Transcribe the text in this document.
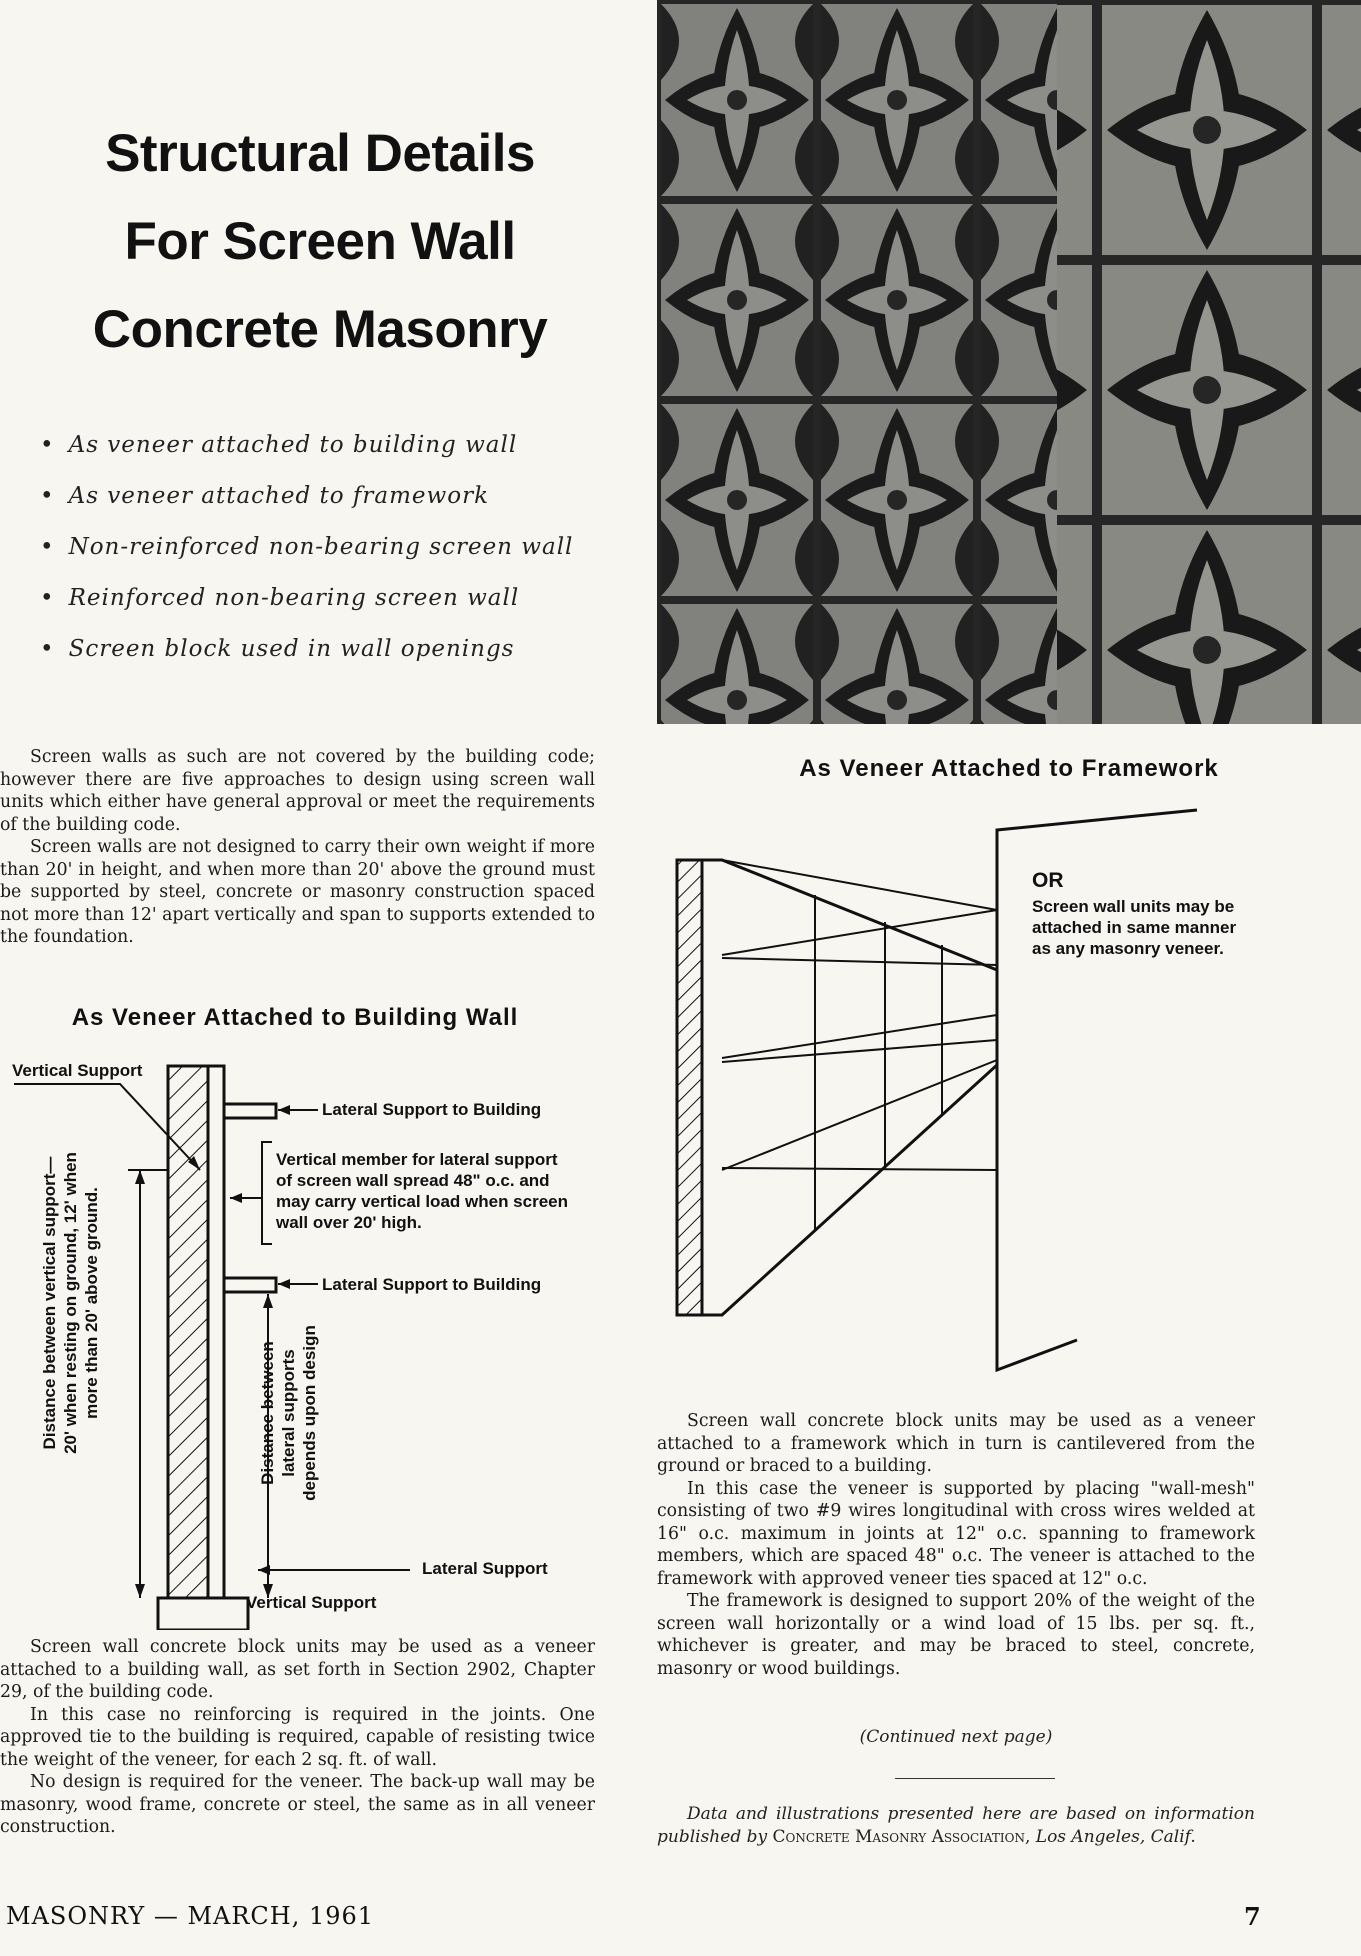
Structural Details
For Screen Wall
Concrete Masonry
• As veneer attached to building wall
• As veneer attached to framework
• Non-reinforced non-bearing screen wall
• Reinforced non-bearing screen wall
• Screen block used in wall openings

Screen walls as such are not covered by the building code; however there are five approaches to design using screen wall units which either have general approval or meet the requirements of the building code.

Screen walls are not designed to carry their own weight if more than 20' in height, and when more than 20' above the ground must be supported by steel, concrete or masonry construction spaced not more than 12' apart vertically and span to supports extended to the foundation.

As Veneer Attached to Building Wall
Vertical Support
Lateral Support to Building
Vertical member for lateral support
of screen wall spread 48" o.c. and
may carry vertical load when screen
wall over 20' high.
Lateral Support to Building
Distance between vertical support— 20' when resting on ground, 12' when more than 20' above ground.	Distance between lateral supports depends upon design
Lateral Support
Vertical Support

Screen wall concrete block units may be used as a veneer attached to a building wall, as set forth in Section 2902, Chapter 29, of the building code.

In this case no reinforcing is required in the joints. One approved tie to the building is required, capable of resisting twice the weight of the veneer, for each 2 sq. ft. of wall.

No design is required for the veneer. The back-up wall may be masonry, wood frame, concrete or steel, the same as in all veneer construction.

As Veneer Attached to Framework
OR
Screen wall units may be
attached in same manner
as any masonry veneer.

Screen wall concrete block units may be used as a veneer attached to a framework which in turn is cantilevered from the ground or braced to a building.

In this case the veneer is supported by placing "wall-mesh" consisting of two #9 wires longitudinal with cross wires welded at 16" o.c. maximum in joints at 12" o.c. spanning to framework members, which are spaced 48" o.c. The veneer is attached to the framework with approved veneer ties spaced at 12" o.c.

The framework is designed to support 20% of the weight of the screen wall horizontally or a wind load of 15 lbs. per sq. ft., whichever is greater, and may be braced to steel, concrete, masonry or wood buildings.

(Continued next page)
Data and illustrations presented here are based on information published by Concrete Masonry Association, Los Angeles, Calif.
MASONRY — MARCH, 1961	7
